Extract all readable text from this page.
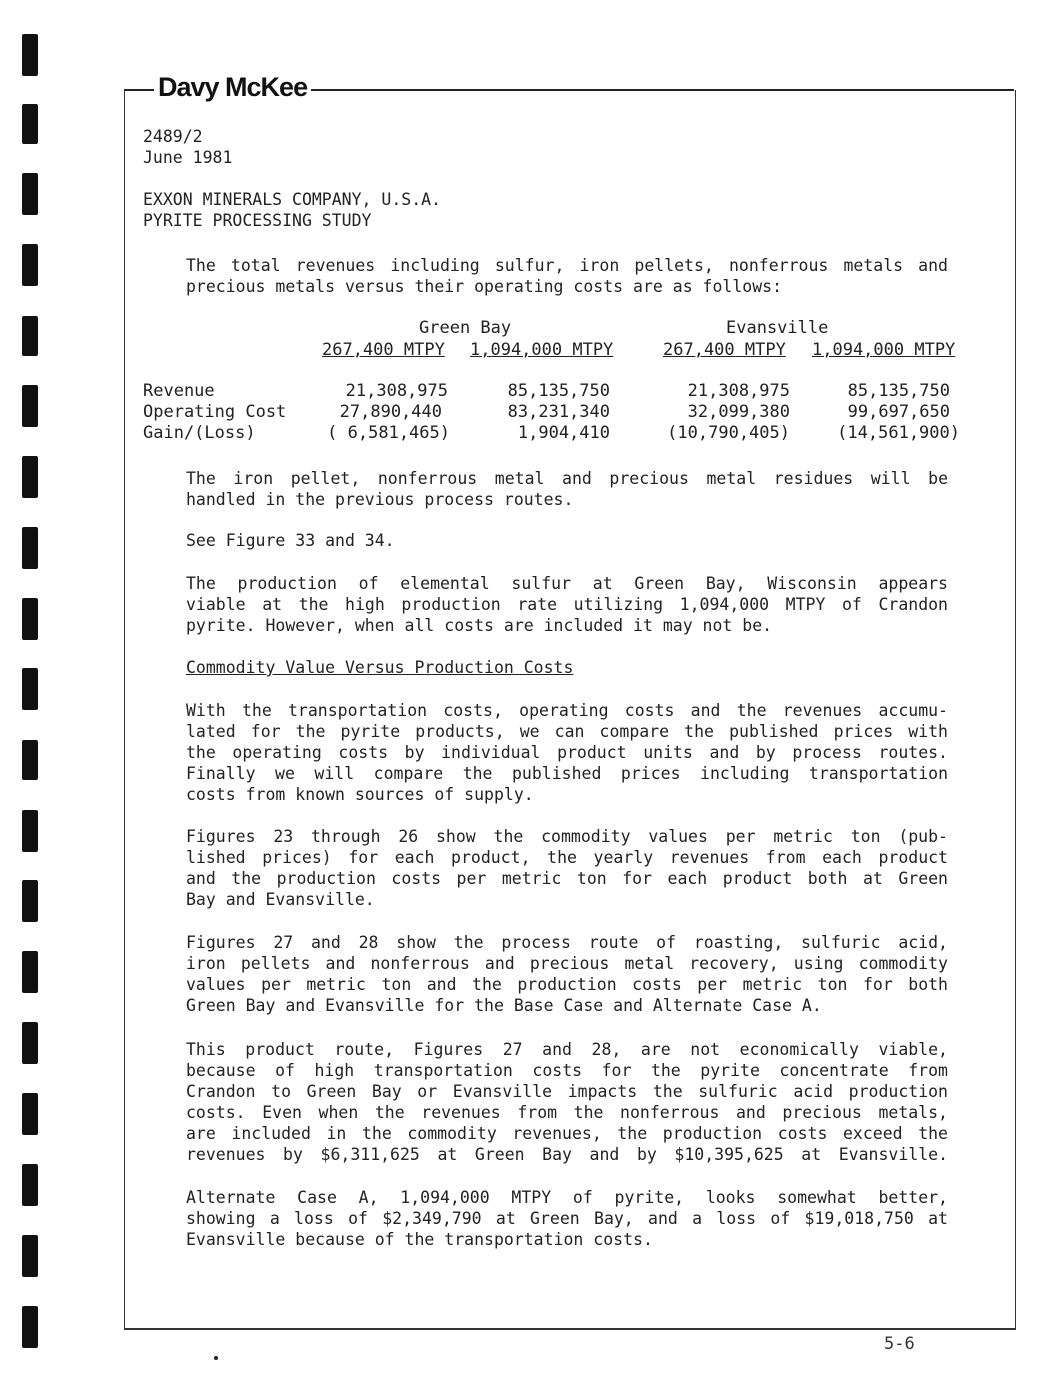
Davy McKee
2489/2
June 1981
EXXON MINERALS COMPANY, U.S.A.
PYRITE PROCESSING STUDY
The total revenues including sulfur, iron pellets, nonferrous metals and
precious metals versus their operating costs are as follows:
Green Bay	Evansville
267,400 MTPY 1,094,000 MTPY	267,400 MTPY 1,094,000 MTPY
Revenue	21,308,975	85,135,750	21,308,975	85,135,750
Operating Cost	27,890,440	83,231,340	32,099,380	99,697,650
Gain/(Loss)	( 6,581,465)	1,904,410	(10,790,405)	(14,561,900)
The iron pellet, nonferrous metal and precious metal residues will be
handled in the previous process routes.
See Figure 33 and 34.
The production of elemental sulfur at Green Bay, Wisconsin appears
viable at the high production rate utilizing 1,094,000 MTPY of Crandon
pyrite. However, when all costs are included it may not be.
Commodity Value Versus Production Costs
With the transportation costs, operating costs and the revenues accumu-
lated for the pyrite products, we can compare the published prices with
the operating costs by individual product units and by process routes.
Finally we will compare the published prices including transportation
costs from known sources of supply.
Figures 23 through 26 show the commodity values per metric ton (pub-
lished prices) for each product, the yearly revenues from each product
and the production costs per metric ton for each product both at Green
Bay and Evansville.
Figures 27 and 28 show the process route of roasting, sulfuric acid,
iron pellets and nonferrous and precious metal recovery, using commodity
values per metric ton and the production costs per metric ton for both
Green Bay and Evansville for the Base Case and Alternate Case A.
This product route, Figures 27 and 28, are not economically viable,
because of high transportation costs for the pyrite concentrate from
Crandon to Green Bay or Evansville impacts the sulfuric acid production
costs. Even when the revenues from the nonferrous and precious metals,
are included in the commodity revenues, the production costs exceed the
revenues by $6,311,625 at Green Bay and by $10,395,625 at Evansville.
Alternate Case A, 1,094,000 MTPY of pyrite, looks somewhat better,
showing a loss of $2,349,790 at Green Bay, and a loss of $19,018,750 at
Evansville because of the transportation costs.
5-6
